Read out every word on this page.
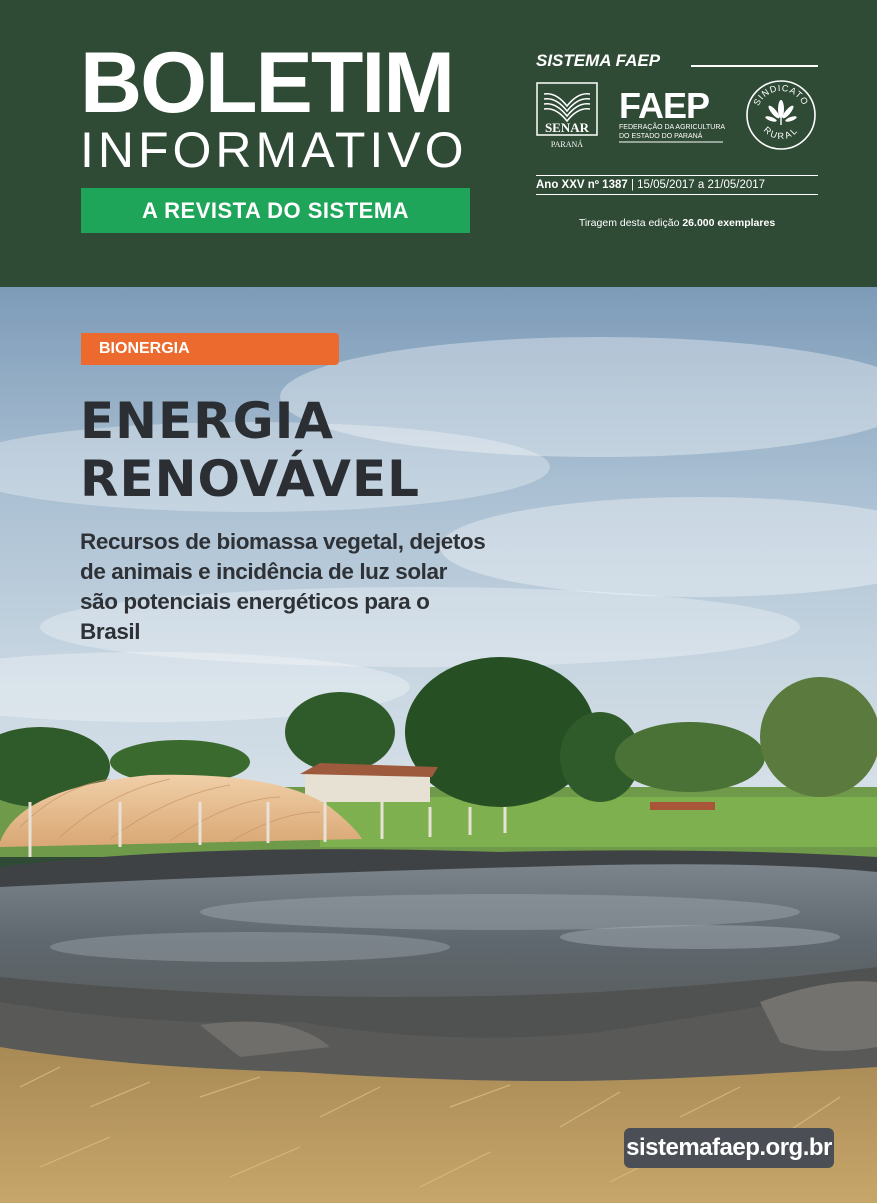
BOLETIM
INFORMATIVO
A REVISTA DO SISTEMA
SISTEMA FAEP
SENAR
PARANÁ
FAEP
FEDERAÇÃO DA AGRICULTURA
DO ESTADO DO PARANÁ
SINDICATO
RURAL
Ano XXV nº 1387 | 15/05/2017 a 21/05/2017
Tiragem desta edição 26.000 exemplares
BIONERGIA
ENERGIA
RENOVÁVEL
Recursos de biomassa vegetal, dejetos de animais e incidência de luz solar são potenciais energéticos para o Brasil
sistemafaep.org.br
